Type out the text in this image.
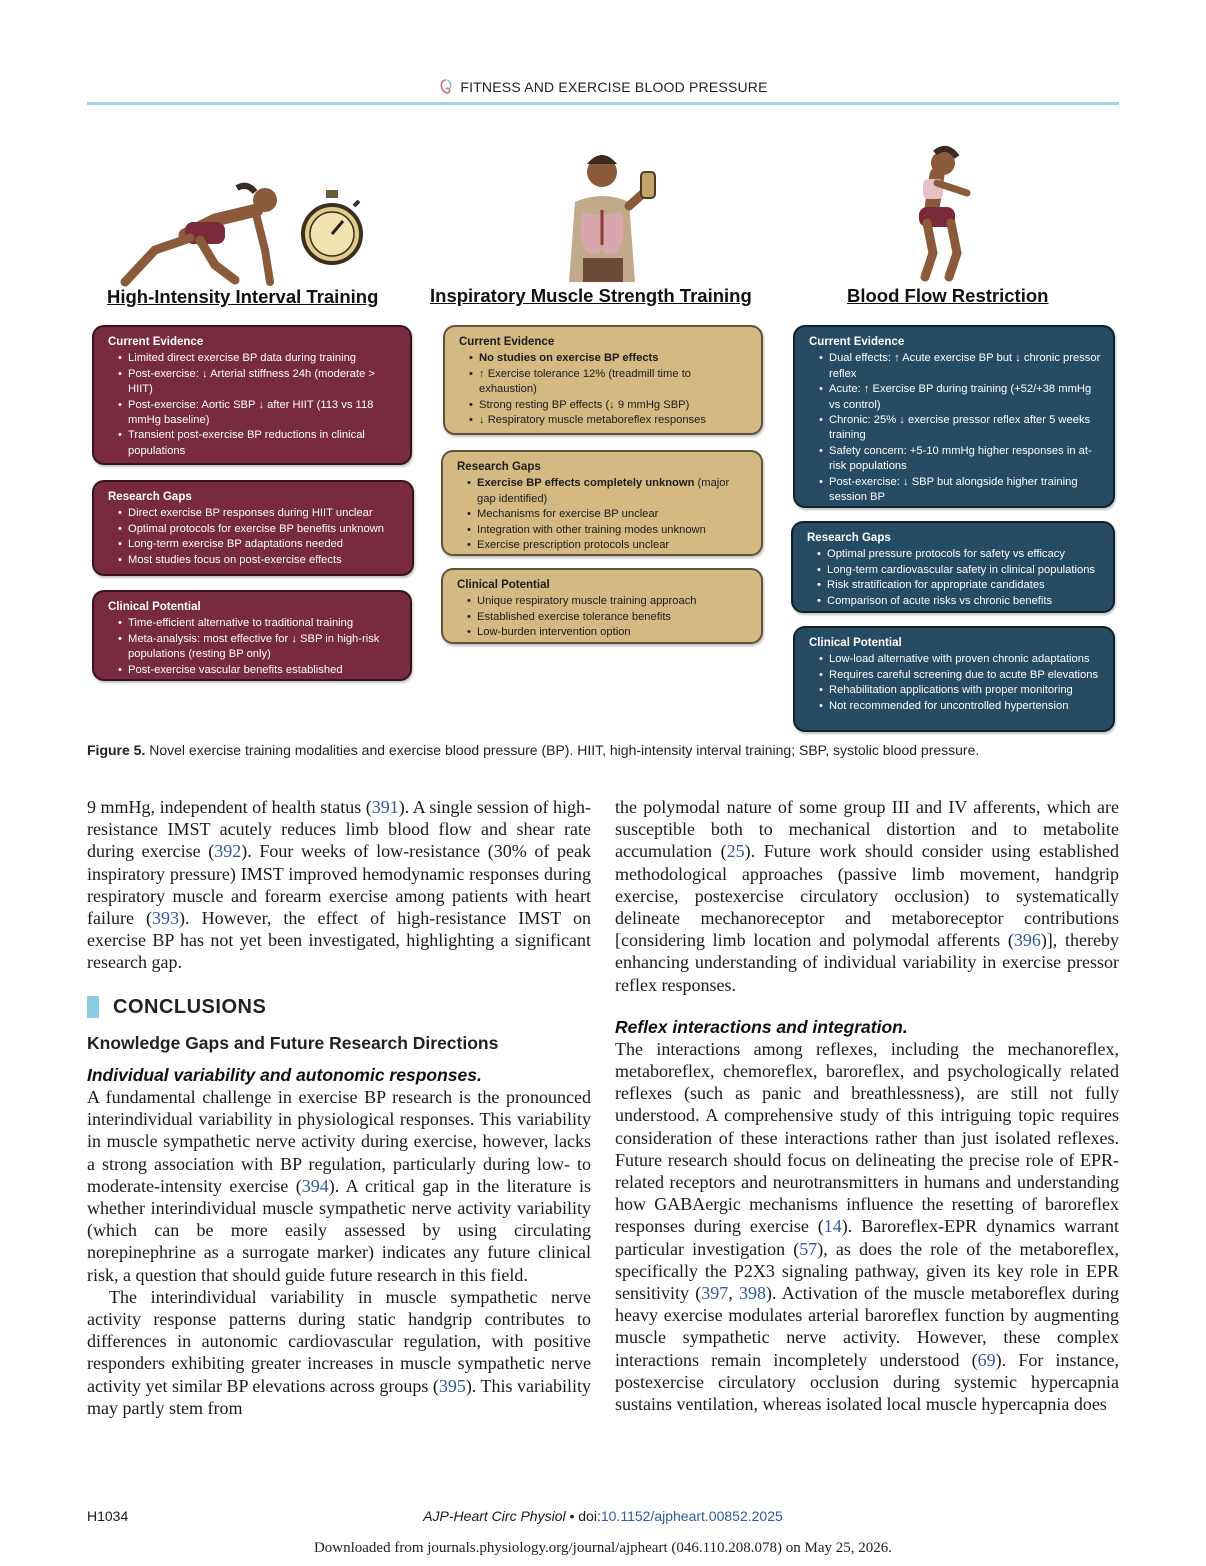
FITNESS AND EXERCISE BLOOD PRESSURE
High-Intensity Interval Training	Inspiratory Muscle Strength Training	Blood Flow Restriction
Current Evidence
• Limited direct exercise BP data during training
• Post-exercise: ↓ Arterial stiffness 24h (moderate > HIIT)
• Post-exercise: Aortic SBP ↓ after HIIT (113 vs 118 mmHg baseline)
• Transient post-exercise BP reductions in clinical populations
Research Gaps
• Direct exercise BP responses during HIIT unclear
• Optimal protocols for exercise BP benefits unknown
• Long-term exercise BP adaptations needed
• Most studies focus on post-exercise effects
Clinical Potential
• Time-efficient alternative to traditional training
• Meta-analysis: most effective for ↓ SBP in high-risk populations (resting BP only)
• Post-exercise vascular benefits established
Current Evidence
• No studies on exercise BP effects
• ↑ Exercise tolerance 12% (treadmill time to exhaustion)
• Strong resting BP effects (↓ 9 mmHg SBP)
• ↓ Respiratory muscle metaboreflex responses
Research Gaps
• Exercise BP effects completely unknown (major gap identified)
• Mechanisms for exercise BP unclear
• Integration with other training modes unknown
• Exercise prescription protocols unclear
Clinical Potential
• Unique respiratory muscle training approach
• Established exercise tolerance benefits
• Low-burden intervention option
Current Evidence
• Dual effects: ↑ Acute exercise BP but ↓ chronic pressor reflex
• Acute: ↑ Exercise BP during training (+52/+38 mmHg vs control)
• Chronic: 25% ↓ exercise pressor reflex after 5 weeks training
• Safety concern: +5-10 mmHg higher responses in at-risk populations
• Post-exercise: ↓ SBP but alongside higher training session BP
Research Gaps
• Optimal pressure protocols for safety vs efficacy
• Long-term cardiovascular safety in clinical populations
• Risk stratification for appropriate candidates
• Comparison of acute risks vs chronic benefits
Clinical Potential
• Low-load alternative with proven chronic adaptations
• Requires careful screening due to acute BP elevations
• Rehabilitation applications with proper monitoring
• Not recommended for uncontrolled hypertension
Figure 5. Novel exercise training modalities and exercise blood pressure (BP). HIIT, high-intensity interval training; SBP, systolic blood pressure.

9 mmHg, independent of health status (391). A single session of high-resistance IMST acutely reduces limb blood flow and shear rate during exercise (392). Four weeks of low-resistance (30% of peak inspiratory pressure) IMST improved hemodynamic responses during respiratory muscle and forearm exercise among patients with heart failure (393). However, the effect of high-resistance IMST on exercise BP has not yet been investigated, highlighting a significant research gap.

CONCLUSIONS
Knowledge Gaps and Future Research Directions
Individual variability and autonomic responses.

A fundamental challenge in exercise BP research is the pronounced interindividual variability in physiological responses. This variability in muscle sympathetic nerve activity during exercise, however, lacks a strong association with BP regulation, particularly during low- to moderate-intensity exercise (394). A critical gap in the literature is whether interindividual muscle sympathetic nerve activity variability (which can be more easily assessed by using circulating norepinephrine as a surrogate marker) indicates any future clinical risk, a question that should guide future research in this field.

The interindividual variability in muscle sympathetic nerve activity response patterns during static handgrip contributes to differences in autonomic cardiovascular regulation, with positive responders exhibiting greater increases in muscle sympathetic nerve activity yet similar BP elevations across groups (395). This variability may partly stem from

the polymodal nature of some group III and IV afferents, which are susceptible both to mechanical distortion and to metabolite accumulation (25). Future work should consider using established methodological approaches (passive limb movement, handgrip exercise, postexercise circulatory occlusion) to systematically delineate mechanoreceptor and metaboreceptor contributions [considering limb location and polymodal afferents (396)], thereby enhancing understanding of individual variability in exercise pressor reflex responses.

Reflex interactions and integration.

The interactions among reflexes, including the mechanoreflex, metaboreflex, chemoreflex, baroreflex, and psychologically related reflexes (such as panic and breathlessness), are still not fully understood. A comprehensive study of this intriguing topic requires consideration of these interactions rather than just isolated reflexes. Future research should focus on delineating the precise role of EPR-related receptors and neurotransmitters in humans and understanding how GABAergic mechanisms influence the resetting of baroreflex responses during exercise (14). Baroreflex-EPR dynamics warrant particular investigation (57), as does the role of the metaboreflex, specifically the P2X3 signaling pathway, given its key role in EPR sensitivity (397, 398). Activation of the muscle metaboreflex during heavy exercise modulates arterial baroreflex function by augmenting muscle sympathetic nerve activity. However, these complex interactions remain incompletely understood (69). For instance, postexercise circulatory occlusion during systemic hypercapnia sustains ventilation, whereas isolated local muscle hypercapnia does

H1034	AJP-Heart Circ Physiol • doi:10.1152/ajpheart.00852.2025
Downloaded from journals.physiology.org/journal/ajpheart (046.110.208.078) on May 25, 2026.
